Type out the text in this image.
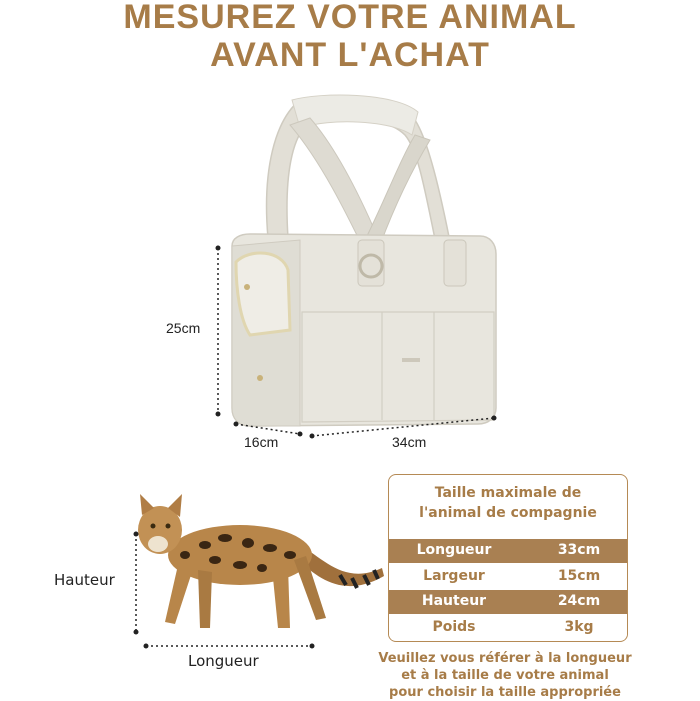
MESUREZ VOTRE ANIMAL
AVANT L'ACHAT
25cm
16cm	34cm
Hauteur
Longueur
Taille maximale de
l'animal de compagnie
Longueur	33cm
Largeur	15cm
Hauteur	24cm
Poids	3kg
Veuillez vous référer à la longueur
et à la taille de votre animal
pour choisir la taille appropriée
